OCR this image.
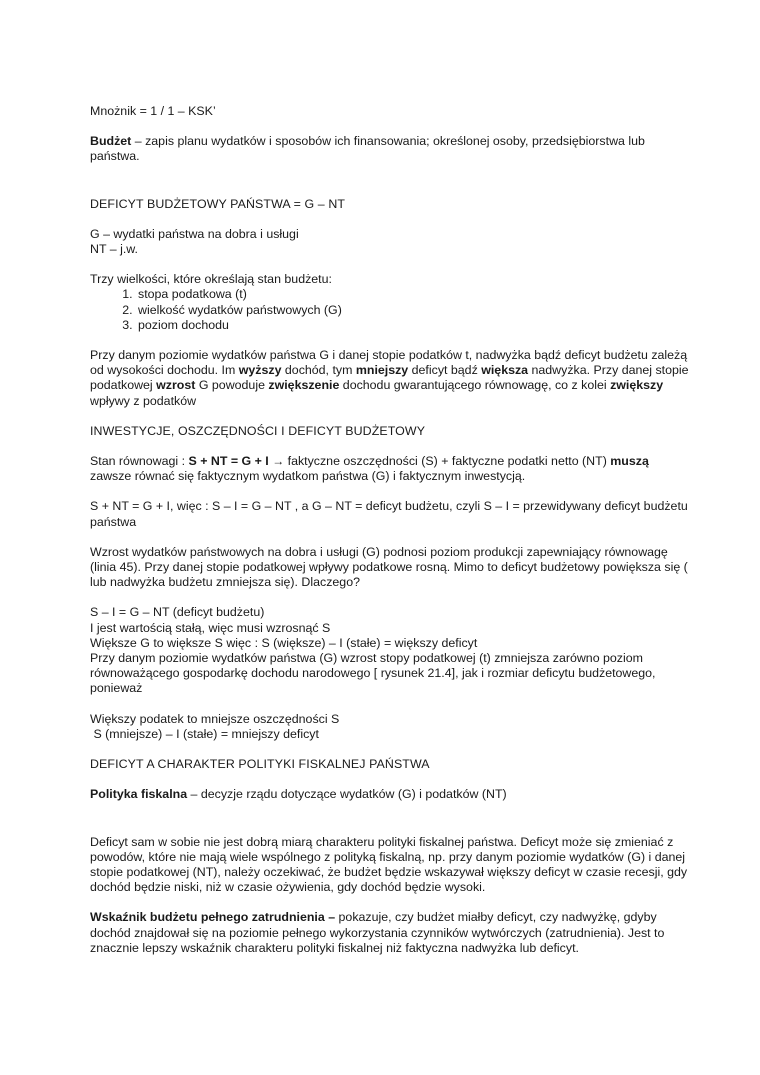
Mnożnik = 1 / 1 – KSK’

Budżet – zapis planu wydatków i sposobów ich finansowania; określonej osoby, przedsiębiorstwa lub państwa.

DEFICYT BUDŻETOWY PAŃSTWA = G – NT

G – wydatki państwa na dobra i usługi

NT – j.w.

Trzy wielkości, które określają stan budżetu:

1. stopa podatkowa (t)
2. wielkość wydatków państwowych (G)
3. poziom dochodu

Przy danym poziomie wydatków państwa G i danej stopie podatków t, nadwyżka bądź deficyt budżetu zależą od wysokości dochodu. Im wyższy dochód, tym mniejszy deficyt bądź większa nadwyżka. Przy danej stopie podatkowej wzrost G powoduje zwiększenie dochodu gwarantującego równowagę, co z kolei zwiększy wpływy z podatków

INWESTYCJE, OSZCZĘDNOŚCI I DEFICYT BUDŻETOWY

Stan równowagi : S + NT = G + I → faktyczne oszczędności (S) + faktyczne podatki netto (NT) muszą zawsze równać się faktycznym wydatkom państwa (G) i faktycznym inwestycją.

S + NT = G + I, więc : S – I = G – NT , a G – NT = deficyt budżetu, czyli S – I = przewidywany deficyt budżetu państwa

Wzrost wydatków państwowych na dobra i usługi (G) podnosi poziom produkcji zapewniający równowagę (linia 45). Przy danej stopie podatkowej wpływy podatkowe rosną. Mimo to deficyt budżetowy powiększa się ( lub nadwyżka budżetu zmniejsza się). Dlaczego?

S – I = G – NT (deficyt budżetu)

I jest wartością stałą, więc musi wzrosnąć S

Większe G to większe S więc : S (większe) – I (stałe) = większy deficyt

Przy danym poziomie wydatków państwa (G) wzrost stopy podatkowej (t) zmniejsza zarówno poziom równoważącego gospodarkę dochodu narodowego [ rysunek 21.4], jak i rozmiar deficytu budżetowego, ponieważ

Większy podatek to mniejsze oszczędności S

S (mniejsze) – I (stałe) = mniejszy deficyt

DEFICYT A CHARAKTER POLITYKI FISKALNEJ PAŃSTWA

Polityka fiskalna – decyzje rządu dotyczące wydatków (G) i podatków (NT)

Deficyt sam w sobie nie jest dobrą miarą charakteru polityki fiskalnej państwa. Deficyt może się zmieniać z powodów, które nie mają wiele wspólnego z polityką fiskalną, np. przy danym poziomie wydatków (G) i danej stopie podatkowej (NT), należy oczekiwać, że budżet będzie wskazywał większy deficyt w czasie recesji, gdy dochód będzie niski, niż w czasie ożywienia, gdy dochód będzie wysoki.

Wskaźnik budżetu pełnego zatrudnienia – pokazuje, czy budżet miałby deficyt, czy nadwyżkę, gdyby dochód znajdował się na poziomie pełnego wykorzystania czynników wytwórczych (zatrudnienia). Jest to znacznie lepszy wskaźnik charakteru polityki fiskalnej niż faktyczna nadwyżka lub deficyt.
